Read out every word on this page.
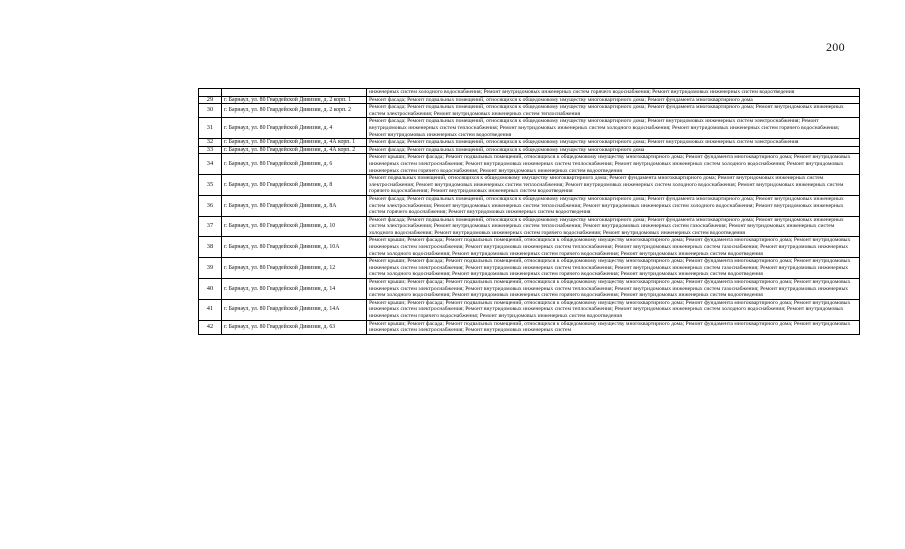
200
		инженерных систем холодного водоснабжения; Ремонт внутридомовых инженерных систем горячего водоснабжения; Ремонт внутридомовых инженерных систем водоотведения
29	г. Барнаул, ул. 80 Гвардейской Дивизии, д. 2 корп. 1	Ремонт фасада; Ремонт подвальных помещений, относящихся к общедомовому имуществу многоквартирного дома; Ремонт фундамента многоквартирного дома
30	г. Барнаул, ул. 80 Гвардейской Дивизии, д. 2 корп. 2	Ремонт фасада; Ремонт подвальных помещений, относящихся к общедомовому имуществу многоквартирного дома; Ремонт фундамента многоквартирного дома; Ремонт внутридомовых инженерных систем электроснабжения; Ремонт внутридомовых инженерных систем теплоснабжения
31	г. Барнаул, ул. 80 Гвардейской Дивизии, д. 4	Ремонт фасада; Ремонт подвальных помещений, относящихся к общедомовому имуществу многоквартирного дома; Ремонт внутридомовых инженерных систем электроснабжения; Ремонт внутридомовых инженерных систем теплоснабжения; Ремонт внутридомовых инженерных систем холодного водоснабжения; Ремонт внутридомовых инженерных систем горячего водоснабжения; Ремонт внутридомовых инженерных систем водоотведения
32	г. Барнаул, ул. 80 Гвардейской Дивизии, д. 4А корп. 1	Ремонт фасада; Ремонт подвальных помещений, относящихся к общедомовому имуществу многоквартирного дома; Ремонт внутридомовых инженерных систем электроснабжения
33	г. Барнаул, ул. 80 Гвардейской Дивизии, д. 4А корп. 2	Ремонт фасада; Ремонт подвальных помещений, относящихся к общедомовому имуществу многоквартирного дома
34	г. Барнаул, ул. 80 Гвардейской Дивизии, д. 6	Ремонт крыши; Ремонт фасада; Ремонт подвальных помещений, относящихся к общедомовому имуществу многоквартирного дома; Ремонт фундамента многоквартирного дома; Ремонт внутридомовых инженерных систем электроснабжения; Ремонт внутридомовых инженерных систем теплоснабжения; Ремонт внутридомовых инженерных систем холодного водоснабжения; Ремонт внутридомовых инженерных систем горячего водоснабжения; Ремонт внутридомовых инженерных систем водоотведения
35	г. Барнаул, ул. 80 Гвардейской Дивизии, д. 8	Ремонт подвальных помещений, относящихся к общедомовому имуществу многоквартирного дома; Ремонт фундамента многоквартирного дома; Ремонт внутридомовых инженерных систем электроснабжения; Ремонт внутридомовых инженерных систем теплоснабжения; Ремонт внутридомовых инженерных систем холодного водоснабжения; Ремонт внутридомовых инженерных систем горячего водоснабжения; Ремонт внутридомовых инженерных систем водоотведения
36	г. Барнаул, ул. 80 Гвардейской Дивизии, д. 8А	Ремонт фасада; Ремонт подвальных помещений, относящихся к общедомовому имуществу многоквартирного дома; Ремонт фундамента многоквартирного дома; Ремонт внутридомовых инженерных систем электроснабжения; Ремонт внутридомовых инженерных систем теплоснабжения; Ремонт внутридомовых инженерных систем холодного водоснабжения; Ремонт внутридомовых инженерных систем горячего водоснабжения; Ремонт внутридомовых инженерных систем водоотведения
37	г. Барнаул, ул. 80 Гвардейской Дивизии, д. 10	Ремонт фасада; Ремонт подвальных помещений, относящихся к общедомовому имуществу многоквартирного дома; Ремонт фундамента многоквартирного дома; Ремонт внутридомовых инженерных систем электроснабжения; Ремонт внутридомовых инженерных систем теплоснабжения; Ремонт внутридомовых инженерных систем газоснабжения; Ремонт внутридомовых инженерных систем холодного водоснабжения; Ремонт внутридомовых инженерных систем горячего водоснабжения; Ремонт внутридомовых инженерных систем водоотведения
38	г. Барнаул, ул. 80 Гвардейской Дивизии, д. 10А	Ремонт крыши; Ремонт фасада; Ремонт подвальных помещений, относящихся к общедомовому имуществу многоквартирного дома; Ремонт фундамента многоквартирного дома; Ремонт внутридомовых инженерных систем электроснабжения; Ремонт внутридомовых инженерных систем теплоснабжения; Ремонт внутридомовых инженерных систем газоснабжения; Ремонт внутридомовых инженерных систем холодного водоснабжения; Ремонт внутридомовых инженерных систем горячего водоснабжения; Ремонт внутридомовых инженерных систем водоотведения
39	г. Барнаул, ул. 80 Гвардейской Дивизии, д. 12	Ремонт крыши; Ремонт фасада; Ремонт подвальных помещений, относящихся к общедомовому имуществу многоквартирного дома; Ремонт фундамента многоквартирного дома; Ремонт внутридомовых инженерных систем электроснабжения; Ремонт внутридомовых инженерных систем теплоснабжения; Ремонт внутридомовых инженерных систем газоснабжения; Ремонт внутридомовых инженерных систем холодного водоснабжения; Ремонт внутридомовых инженерных систем горячего водоснабжения; Ремонт внутридомовых инженерных систем водоотведения
40	г. Барнаул, ул. 80 Гвардейской Дивизии, д. 14	Ремонт крыши; Ремонт фасада; Ремонт подвальных помещений, относящихся к общедомовому имуществу многоквартирного дома; Ремонт фундамента многоквартирного дома; Ремонт внутридомовых инженерных систем электроснабжения; Ремонт внутридомовых инженерных систем теплоснабжения; Ремонт внутридомовых инженерных систем газоснабжения; Ремонт внутридомовых инженерных систем холодного водоснабжения; Ремонт внутридомовых инженерных систем горячего водоснабжения; Ремонт внутридомовых инженерных систем водоотведения
41	г. Барнаул, ул. 80 Гвардейской Дивизии, д. 14А	Ремонт крыши; Ремонт фасада; Ремонт подвальных помещений, относящихся к общедомовому имуществу многоквартирного дома; Ремонт фундамента многоквартирного дома; Ремонт внутридомовых инженерных систем электроснабжения; Ремонт внутридомовых инженерных систем теплоснабжения; Ремонт внутридомовых инженерных систем холодного водоснабжения; Ремонт внутридомовых инженерных систем горячего водоснабжения; Ремонт внутридомовых инженерных систем водоотведения
42	г. Барнаул, ул. 80 Гвардейской Дивизии, д. 63	Ремонт крыши; Ремонт фасада; Ремонт подвальных помещений, относящихся к общедомовому имуществу многоквартирного дома; Ремонт фундамента многоквартирного дома; Ремонт внутридомовых инженерных систем электроснабжения; Ремонт внутридомовых инженерных систем
